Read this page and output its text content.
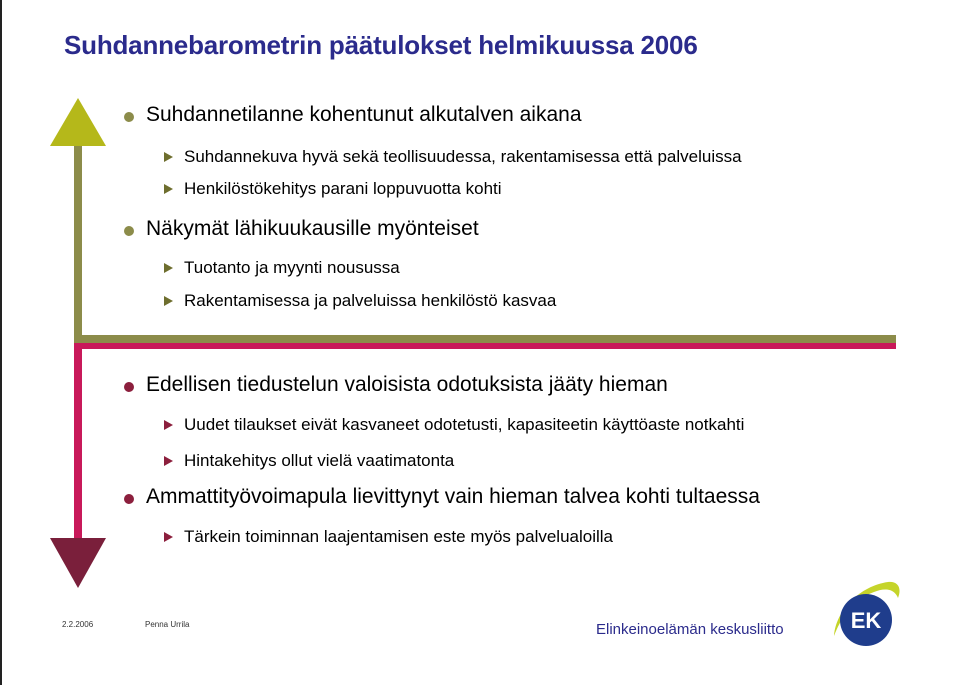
Suhdannebarometrin päätulokset helmikuussa 2006
Suhdannetilanne kohentunut alkutalven aikana
Suhdannekuva hyvä sekä teollisuudessa, rakentamisessa että palveluissa
Henkilöstökehitys parani loppuvuotta kohti
Näkymät lähikuukausille myönteiset
Tuotanto ja myynti nousussa
Rakentamisessa ja palveluissa henkilöstö kasvaa
Edellisen tiedustelun valoisista odotuksista jääty hieman
Uudet tilaukset eivät kasvaneet odotetusti, kapasiteetin käyttöaste notkahti
Hintakehitys ollut vielä vaatimatonta
Ammattityövoimapula lievittynyt vain hieman talvea kohti tultaessa
Tärkein toiminnan laajentamisen este myös palvelualoilla
2.2.2006	Penna Urrila	Elinkeinoelämän keskusliitto	EK
